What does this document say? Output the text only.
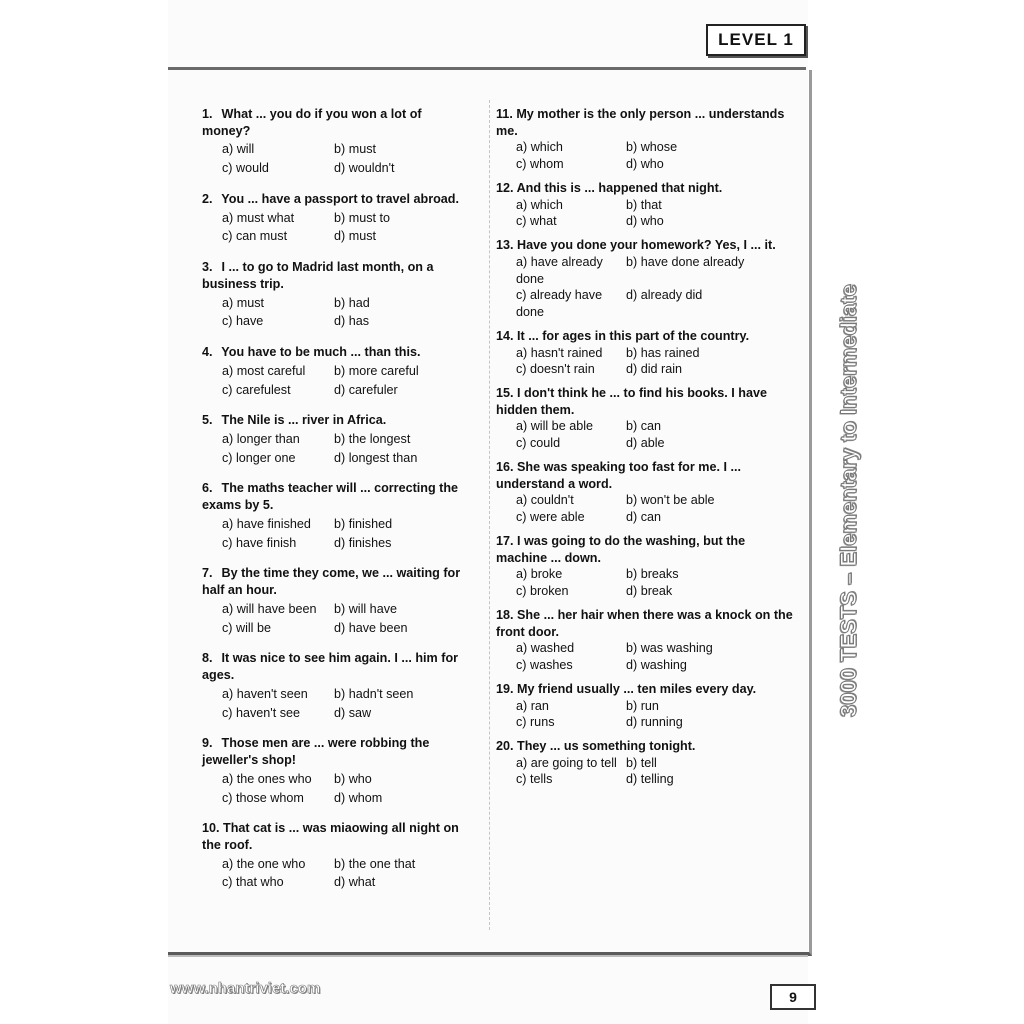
LEVEL 1
1. What ... you do if you won a lot of money?
a) will	b) must
c) would	d) wouldn't
2. You ... have a passport to travel abroad.
a) must what	b) must to
c) can must	d) must
3. I ... to go to Madrid last month, on a business trip.
a) must	b) had
c) have	d) has
4. You have to be much ... than this.
a) most careful	b) more careful
c) carefulest	d) carefuler
5. The Nile is ... river in Africa.
a) longer than	b) the longest
c) longer one	d) longest than
6. The maths teacher will ... correcting the exams by 5.
a) have finished	b) finished
c) have finish	d) finishes
7. By the time they come, we ... waiting for half an hour.
a) will have been	b) will have
c) will be	d) have been
8. It was nice to see him again. I ... him for ages.
a) haven't seen	b) hadn't seen
c) haven't see	d) saw
9. Those men are ... were robbing the jeweller's shop!
a) the ones who	b) who
c) those whom	d) whom
10. That cat is ... was miaowing all night on the roof.
a) the one who	b) the one that
c) that who	d) what
11. My mother is the only person ... understands me.
a) which	b) whose
c) whom	d) who
12. And this is ... happened that night.
a) which	b) that
c) what	d) who
13. Have you done your homework? Yes, I ... it.
a) have already done
b) have done already
c) already have done
d) already did
14. It ... for ages in this part of the country.
a) hasn't rained	b) has rained
c) doesn't rain	d) did rain
15. I don't think he ... to find his books. I have hidden them.
a) will be able	b) can
c) could	d) able
16. She was speaking too fast for me. I ... understand a word.
a) couldn't	b) won't be able
c) were able	d) can
17. I was going to do the washing, but the machine ... down.
a) broke	b) breaks
c) broken	d) break
18. She ... her hair when there was a knock on the front door.
a) washed	b) was washing
c) washes	d) washing
19. My friend usually ... ten miles every day.
a) ran	b) run
c) runs	d) running
20. They ... us something tonight.
a) are going to tell b) tell
c) tells	d) telling
3000 TESTS – Elementary to Intermediate
www.nhantriviet.com	9
